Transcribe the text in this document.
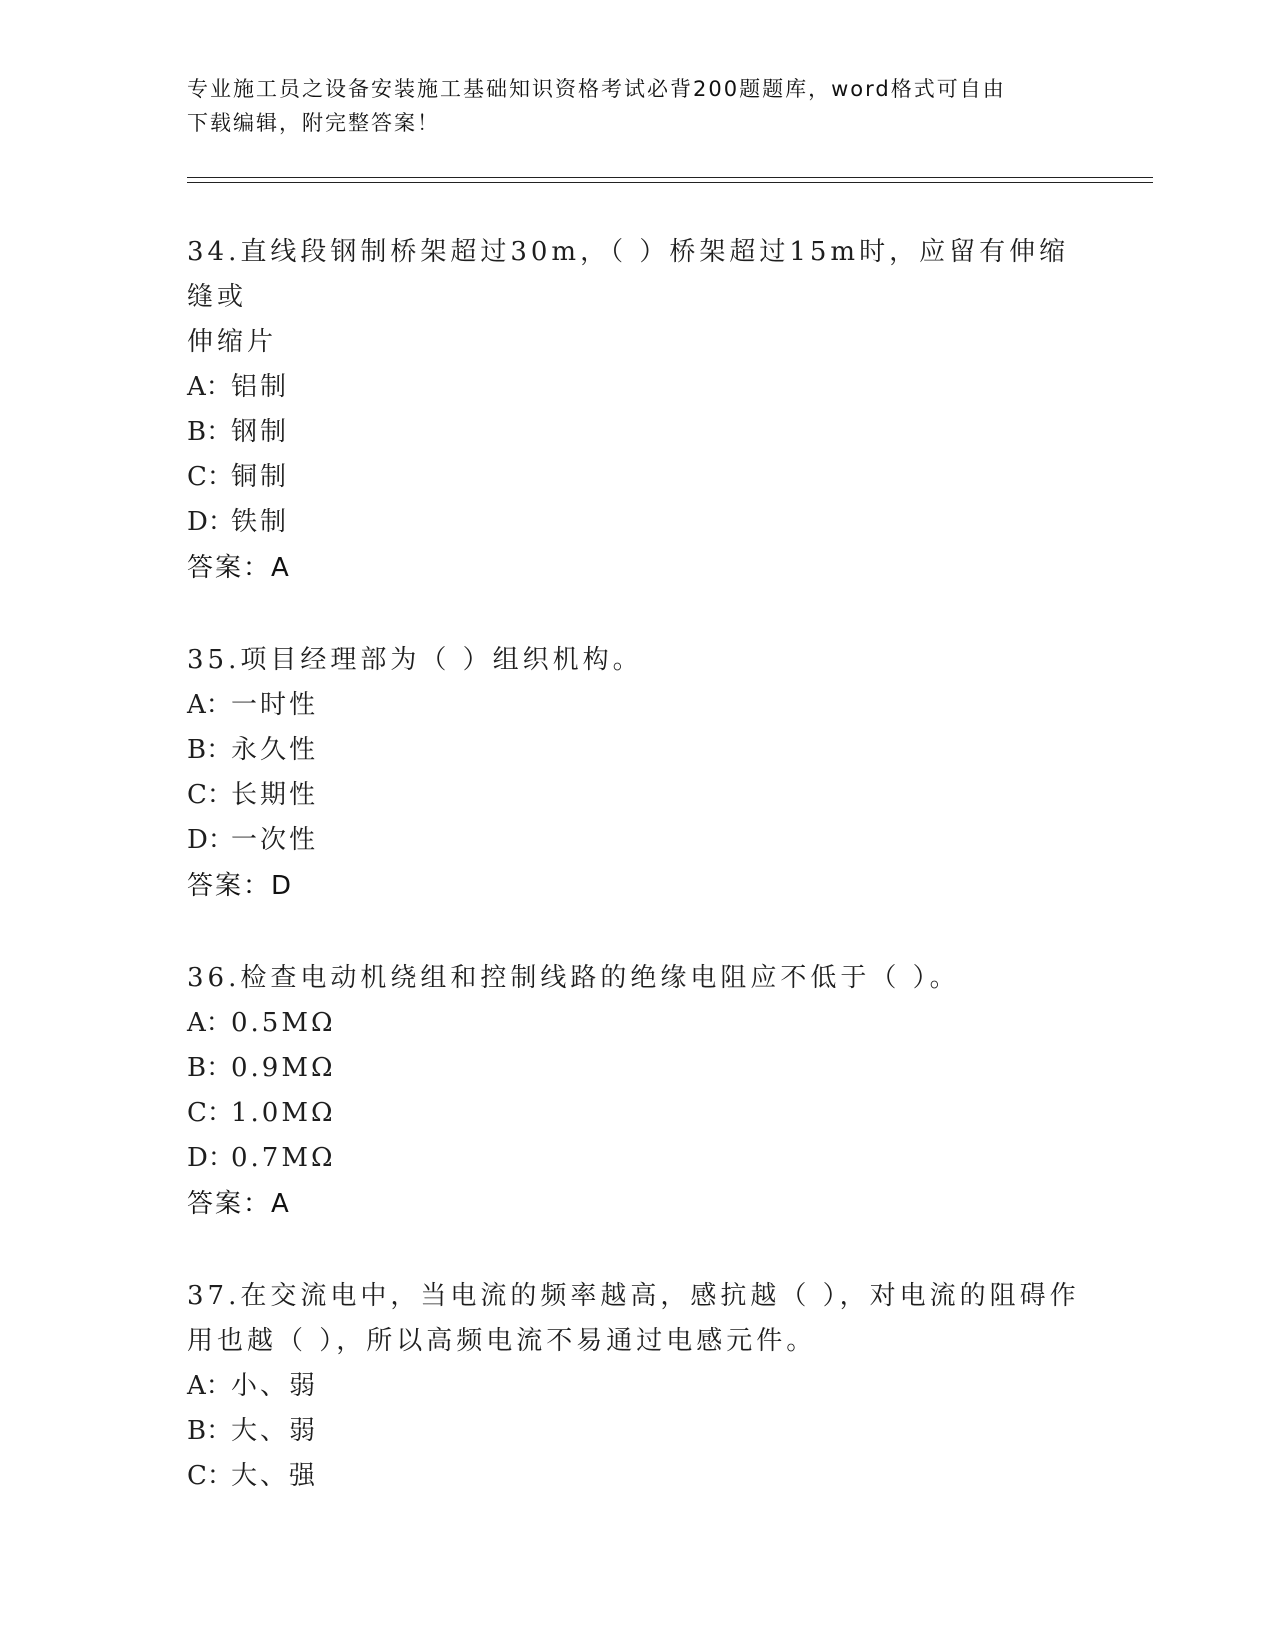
专业施工员之设备安装施工基础知识资格考试必背200题题库，word格式可自由
下载编辑，附完整答案！
34.直线段钢制桥架超过30m，（ ）桥架超过15m时，应留有伸缩缝或
伸缩片
A：铝制
B：钢制
C：铜制
D：铁制
答案：A
35.项目经理部为（ ）组织机构。
A：一时性
B：永久性
C：长期性
D：一次性
答案：D
36.检查电动机绕组和控制线路的绝缘电阻应不低于（ ）。
A：0.5MΩ
B：0.9MΩ
C：1.0MΩ
D：0.7MΩ
答案：A
37.在交流电中，当电流的频率越高，感抗越（ ），对电流的阻碍作
用也越（ ），所以高频电流不易通过电感元件。
A：小、弱
B：大、弱
C：大、强
